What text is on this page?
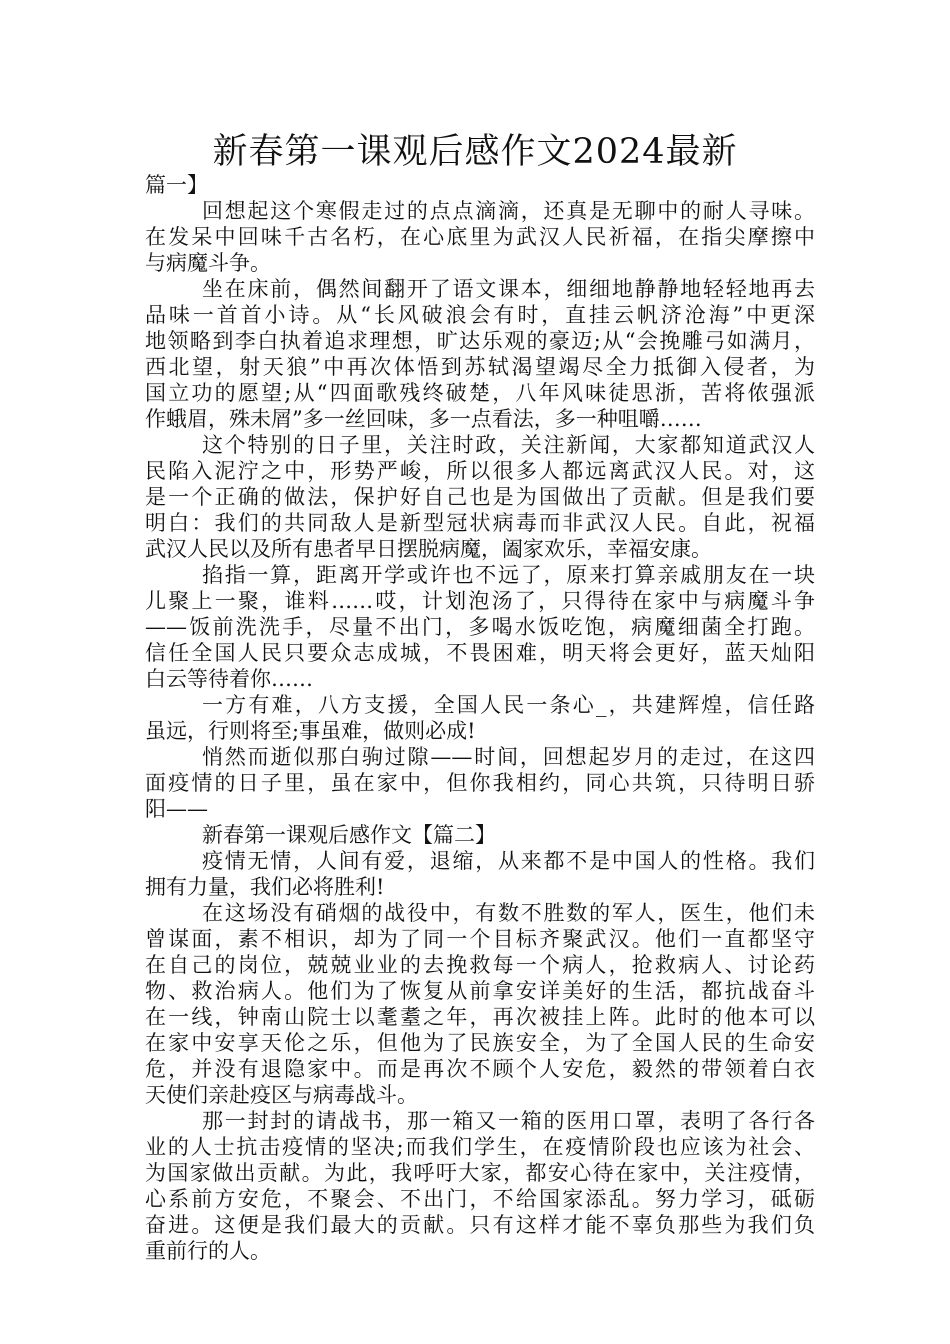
新春第一课观后感作文2024最新
篇一】
回想起这个寒假走过的点点滴滴，还真是无聊中的耐人寻味。
在发呆中回味千古名朽，在心底里为武汉人民祈福，在指尖摩擦中
与病魔斗争。
坐在床前，偶然间翻开了语文课本，细细地静静地轻轻地再去
品味一首首小诗。从“长风破浪会有时，直挂云帆济沧海”中更深
地领略到李白执着追求理想，旷达乐观的豪迈;从“会挽雕弓如满月，
西北望，射天狼”中再次体悟到苏轼渴望竭尽全力抵御入侵者，为
国立功的愿望;从“四面歌残终破楚，八年风味徒思浙，苦将侬强派
作蛾眉，殊未屑”多一丝回味，多一点看法，多一种咀嚼……
这个特别的日子里，关注时政，关注新闻，大家都知道武汉人
民陷入泥泞之中，形势严峻，所以很多人都远离武汉人民。对，这
是一个正确的做法，保护好自己也是为国做出了贡献。但是我们要
明白：我们的共同敌人是新型冠状病毒而非武汉人民。自此，祝福
武汉人民以及所有患者早日摆脱病魔，阖家欢乐，幸福安康。
掐指一算，距离开学或许也不远了，原来打算亲戚朋友在一块
儿聚上一聚，谁料……哎，计划泡汤了，只得待在家中与病魔斗争
——饭前洗洗手，尽量不出门，多喝水饭吃饱，病魔细菌全打跑。
信任全国人民只要众志成城，不畏困难，明天将会更好，蓝天灿阳
白云等待着你……
一方有难，八方支援，全国人民一条心_，共建辉煌，信任路
虽远，行则将至;事虽难，做则必成!
悄然而逝似那白驹过隙——时间，回想起岁月的走过，在这四
面疫情的日子里，虽在家中，但你我相约，同心共筑，只待明日骄
阳——
新春第一课观后感作文【篇二】
疫情无情，人间有爱，退缩，从来都不是中国人的性格。我们
拥有力量，我们必将胜利!
在这场没有硝烟的战役中，有数不胜数的军人，医生，他们未
曾谋面，素不相识，却为了同一个目标齐聚武汉。他们一直都坚守
在自己的岗位，兢兢业业的去挽救每一个病人，抢救病人、讨论药
物、救治病人。他们为了恢复从前拿安详美好的生活，都抗战奋斗
在一线，钟南山院士以耄耋之年，再次被挂上阵。此时的他本可以
在家中安享天伦之乐，但他为了民族安全，为了全国人民的生命安
危，并没有退隐家中。而是再次不顾个人安危，毅然的带领着白衣
天使们亲赴疫区与病毒战斗。
那一封封的请战书，那一箱又一箱的医用口罩，表明了各行各
业的人士抗击疫情的坚决;而我们学生，在疫情阶段也应该为社会、
为国家做出贡献。为此，我呼吁大家，都安心待在家中，关注疫情，
心系前方安危，不聚会、不出门，不给国家添乱。努力学习，砥砺
奋进。这便是我们最大的贡献。只有这样才能不辜负那些为我们负
重前行的人。
